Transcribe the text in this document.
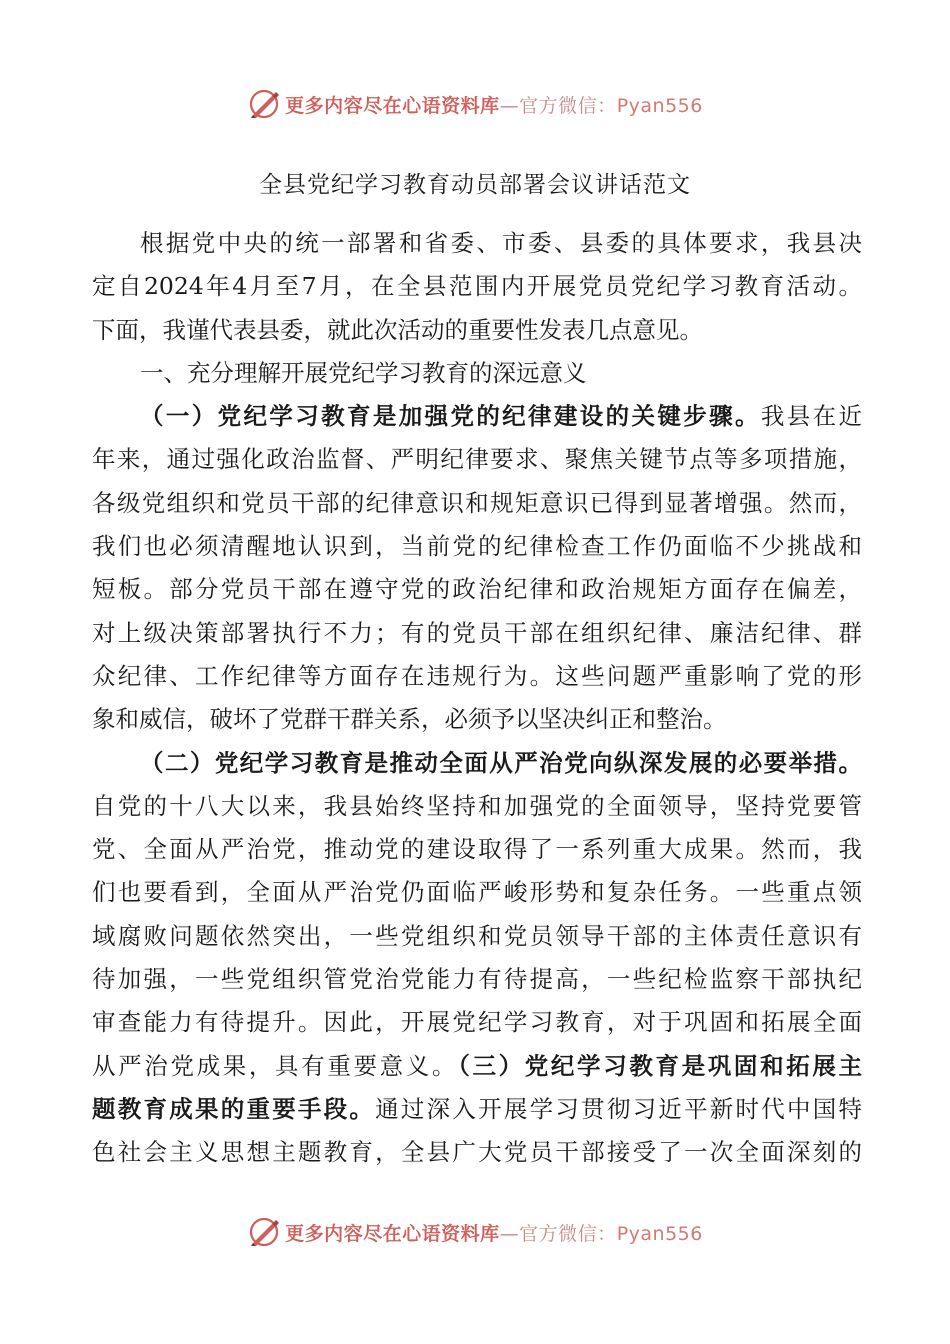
更多内容尽在心语资料库—官方微信：Pyan556
全县党纪学习教育动员部署会议讲话范文
根据党中央的统一部署和省委、市委、县委的具体要求，我县决
定自2024年4月至7月，在全县范围内开展党员党纪学习教育活动。
下面，我谨代表县委，就此次活动的重要性发表几点意见。
一、充分理解开展党纪学习教育的深远意义
（一）党纪学习教育是加强党的纪律建设的关键步骤。我县在近
年来，通过强化政治监督、严明纪律要求、聚焦关键节点等多项措施，
各级党组织和党员干部的纪律意识和规矩意识已得到显著增强。然而，
我们也必须清醒地认识到，当前党的纪律检查工作仍面临不少挑战和
短板。部分党员干部在遵守党的政治纪律和政治规矩方面存在偏差，
对上级决策部署执行不力；有的党员干部在组织纪律、廉洁纪律、群
众纪律、工作纪律等方面存在违规行为。这些问题严重影响了党的形
象和威信，破坏了党群干群关系，必须予以坚决纠正和整治。
（二）党纪学习教育是推动全面从严治党向纵深发展的必要举措。
自党的十八大以来，我县始终坚持和加强党的全面领导，坚持党要管
党、全面从严治党，推动党的建设取得了一系列重大成果。然而，我
们也要看到，全面从严治党仍面临严峻形势和复杂任务。一些重点领
域腐败问题依然突出，一些党组织和党员领导干部的主体责任意识有
待加强，一些党组织管党治党能力有待提高，一些纪检监察干部执纪
审查能力有待提升。因此，开展党纪学习教育，对于巩固和拓展全面
从严治党成果，具有重要意义。（三）党纪学习教育是巩固和拓展主
题教育成果的重要手段。通过深入开展学习贯彻习近平新时代中国特
色社会主义思想主题教育，全县广大党员干部接受了一次全面深刻的
更多内容尽在心语资料库—官方微信：Pyan556
